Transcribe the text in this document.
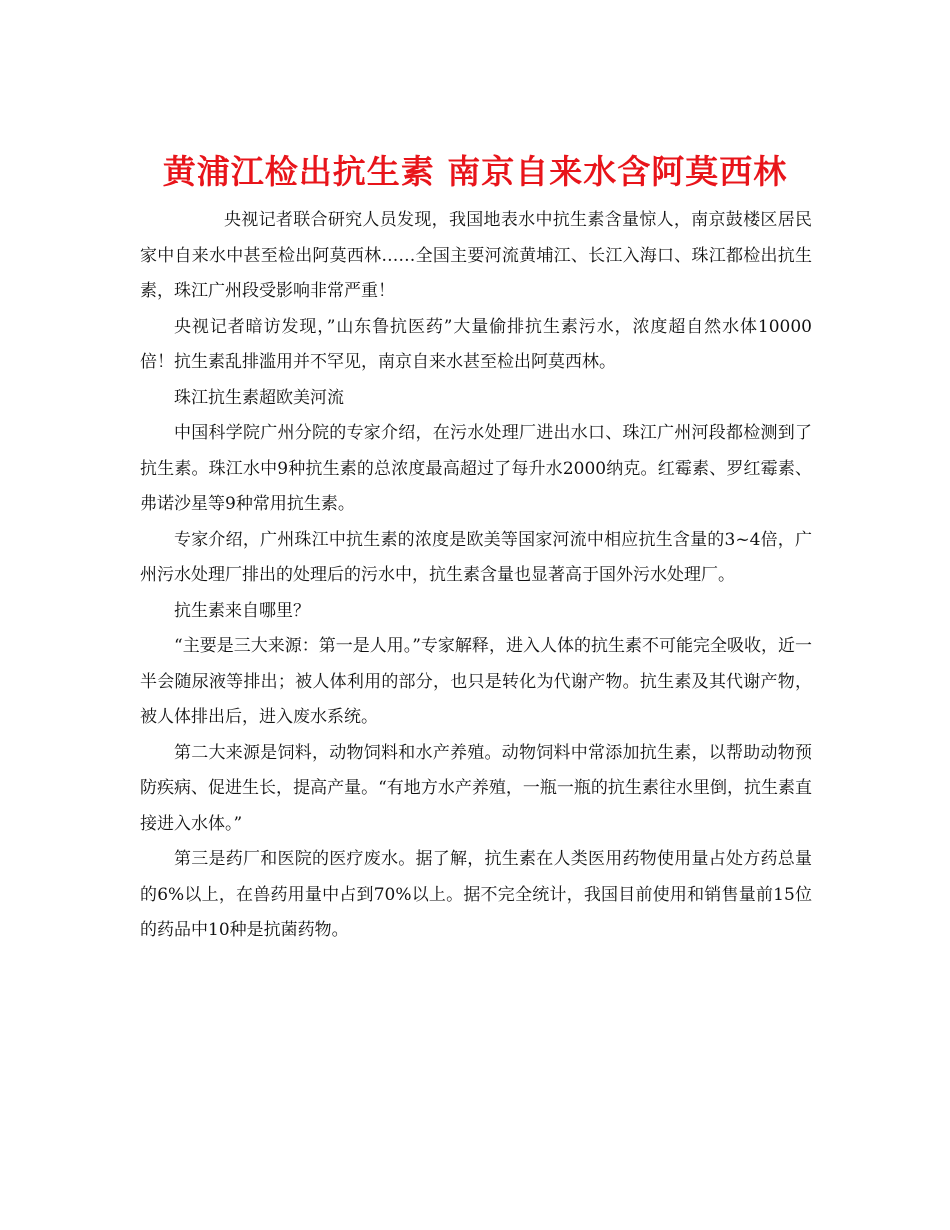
黄浦江检出抗生素 南京自来水含阿莫西林

央视记者联合研究人员发现，我国地表水中抗生素含量惊人，南京鼓楼区居民家中自来水中甚至检出阿莫西林……全国主要河流黄埔江、长江入海口、珠江都检出抗生素，珠江广州段受影响非常严重！

央视记者暗访发现，”山东鲁抗医药”大量偷排抗生素污水，浓度超自然水体10000倍！抗生素乱排滥用并不罕见，南京自来水甚至检出阿莫西林。

珠江抗生素超欧美河流

中国科学院广州分院的专家介绍，在污水处理厂进出水口、珠江广州河段都检测到了抗生素。珠江水中9种抗生素的总浓度最高超过了每升水2000纳克。红霉素、罗红霉素、弗诺沙星等9种常用抗生素。

专家介绍，广州珠江中抗生素的浓度是欧美等国家河流中相应抗生含量的3~4倍，广州污水处理厂排出的处理后的污水中，抗生素含量也显著高于国外污水处理厂。

抗生素来自哪里？

“主要是三大来源：第一是人用。”专家解释，进入人体的抗生素不可能完全吸收，近一半会随尿液等排出；被人体利用的部分，也只是转化为代谢产物。抗生素及其代谢产物，被人体排出后，进入废水系统。

第二大来源是饲料，动物饲料和水产养殖。动物饲料中常添加抗生素，以帮助动物预防疾病、促进生长，提高产量。“有地方水产养殖，一瓶一瓶的抗生素往水里倒，抗生素直接进入水体。”

第三是药厂和医院的医疗废水。据了解，抗生素在人类医用药物使用量占处方药总量的6%以上，在兽药用量中占到70%以上。据不完全统计，我国目前使用和销售量前15位的药品中10种是抗菌药物。
